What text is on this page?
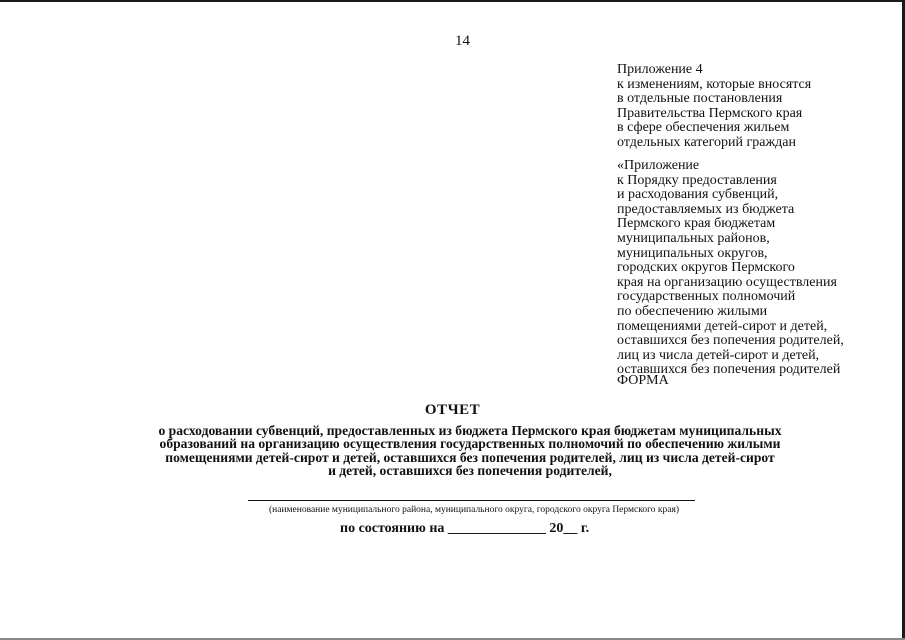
14
Приложение 4
к изменениям, которые вносятся
в отдельные постановления
Правительства Пермского края
в сфере обеспечения жильем
отдельных категорий граждан
«Приложение
к Порядку предоставления
и расходования субвенций,
предоставляемых из бюджета
Пермского края бюджетам
муниципальных районов,
муниципальных округов,
городских округов Пермского
края на организацию осуществления
государственных полномочий
по обеспечению жилыми
помещениями детей-сирот и детей,
оставшихся без попечения родителей,
лиц из числа детей-сирот и детей,
оставшихся без попечения родителей
ФОРМА
ОТЧЕТ
о расходовании субвенций, предоставленных из бюджета Пермского края бюджетам муниципальных
образований на организацию осуществления государственных полномочий по обеспечению жилыми
помещениями детей-сирот и детей, оставшихся без попечения родителей, лиц из числа детей-сирот
и детей, оставшихся без попечения родителей,
(наименование муниципального района, муниципального округа, городского округа Пермского края)
по состоянию на ______________ 20__ г.
